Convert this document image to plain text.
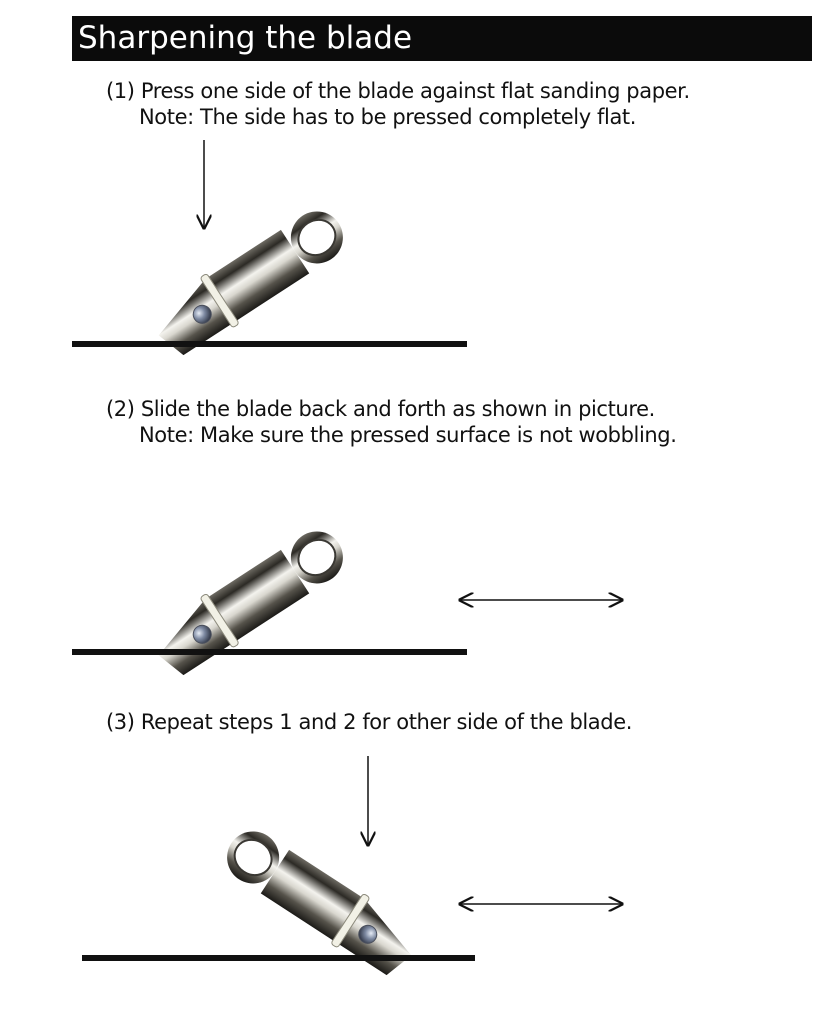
Sharpening the blade
(1) Press one side of the blade against flat sanding paper.
Note: The side has to be pressed completely flat.
(2) Slide the blade back and forth as shown in picture.
Note: Make sure the pressed surface is not wobbling.
(3) Repeat steps 1 and 2 for other side of the blade.
